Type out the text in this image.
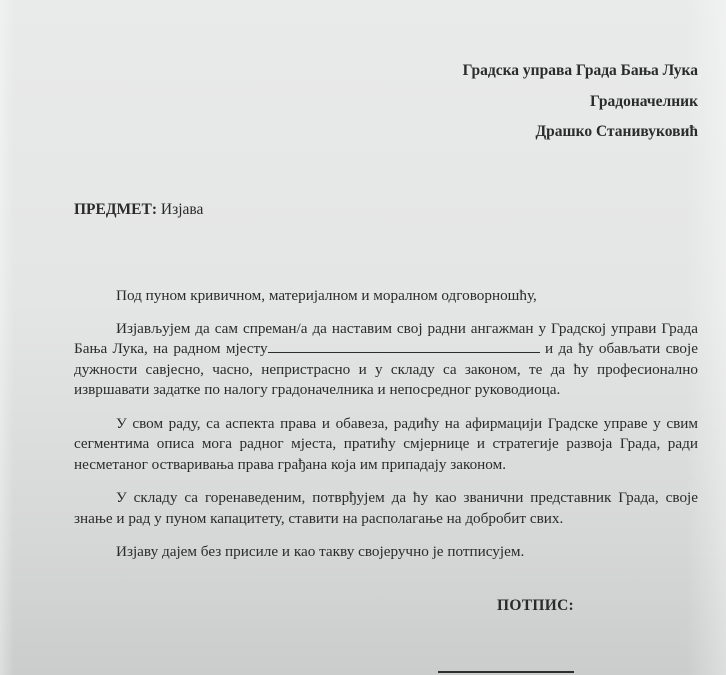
Градска управа Града Бања Лука
Градоначелник
Драшко Станивуковић
ПРЕДМЕТ: Изјава

Под пуном кривичном, материјалном и моралном одговорношћу,

Изјављујем да сам спреман/а да наставим свој радни ангажман у Градској управи Града Бања Лука, на радном мјесту	и да ћу обављати своје дужности савјесно, часно, непристрасно и у складу са законом, те да ћу професионално извршавати задатке по налогу градоначелника и непосредног руководиоца.

У свом раду, са аспекта права и обавеза, радићу на афирмацији Градске управе у свим сегментима описа мога радног мјеста, пратићу смјернице и стратегије развоја Града, ради несметаног остваривања права грађана која им припадају законом.

У складу са горенаведеним, потврђујем да ћу као званични представник Града, своје знање и рад у пуном капацитету, ставити на располагање на добробит свих.

Изјаву дајем без присиле и као такву својеручно је потписујем.

ПОТПИС:
